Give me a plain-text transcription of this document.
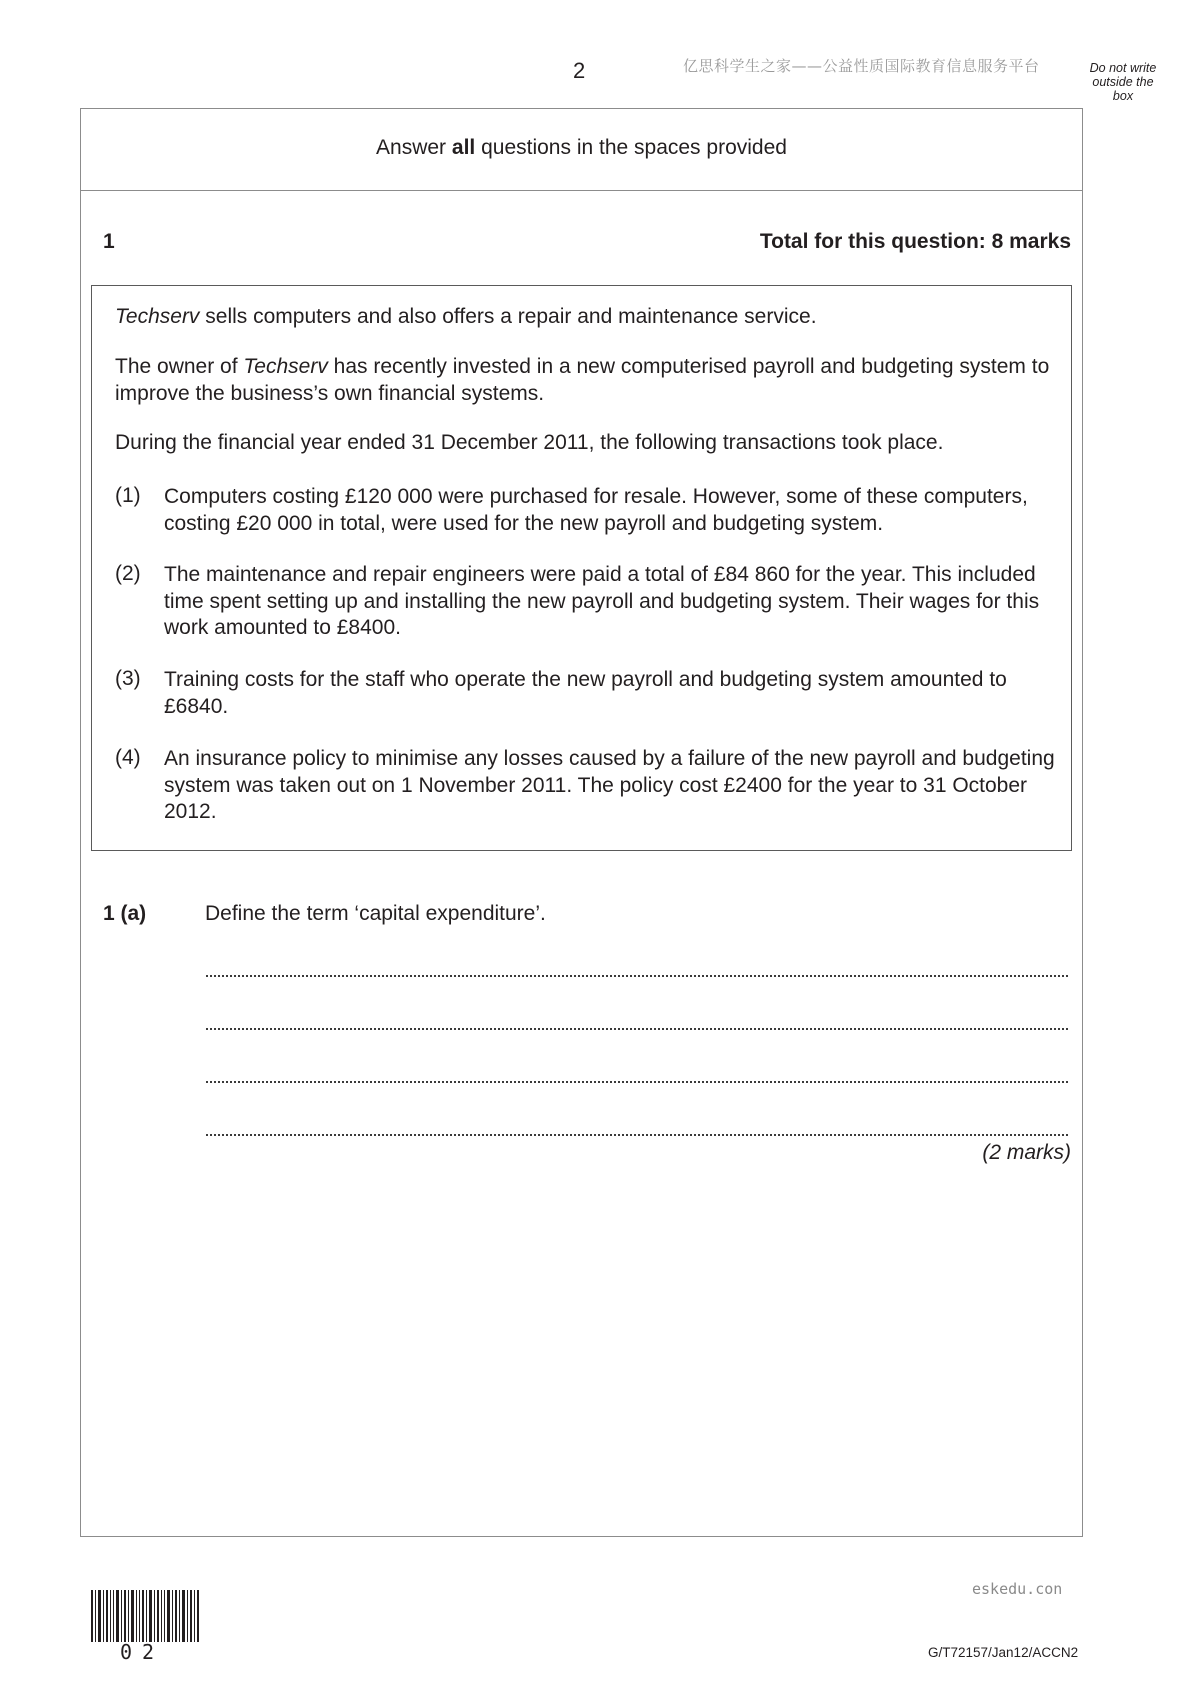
2	亿思科学生之家——公益性质国际教育信息服务平台	Do not write outside the box
Answer all questions in the spaces provided
1	Total for this question: 8 marks
Techserv sells computers and also offers a repair and maintenance service.
The owner of Techserv has recently invested in a new computerised payroll and budgeting system to improve the business’s own financial systems.
During the financial year ended 31 December 2011, the following transactions took place.
(1) Computers costing £120 000 were purchased for resale. However, some of these computers, costing £20 000 in total, were used for the new payroll and budgeting system.
(2) The maintenance and repair engineers were paid a total of £84 860 for the year. This included time spent setting up and installing the new payroll and budgeting system. Their wages for this work amounted to £8400.
(3) Training costs for the staff who operate the new payroll and budgeting system amounted to £6840.
(4) An insurance policy to minimise any losses caused by a failure of the new payroll and budgeting system was taken out on 1 November 2011. The policy cost £2400 for the year to 31 October 2012.
1 (a)	Define the term ‘capital expenditure’.
(2 marks)
02
eskedu.con
G/T72157/Jan12/ACCN2
